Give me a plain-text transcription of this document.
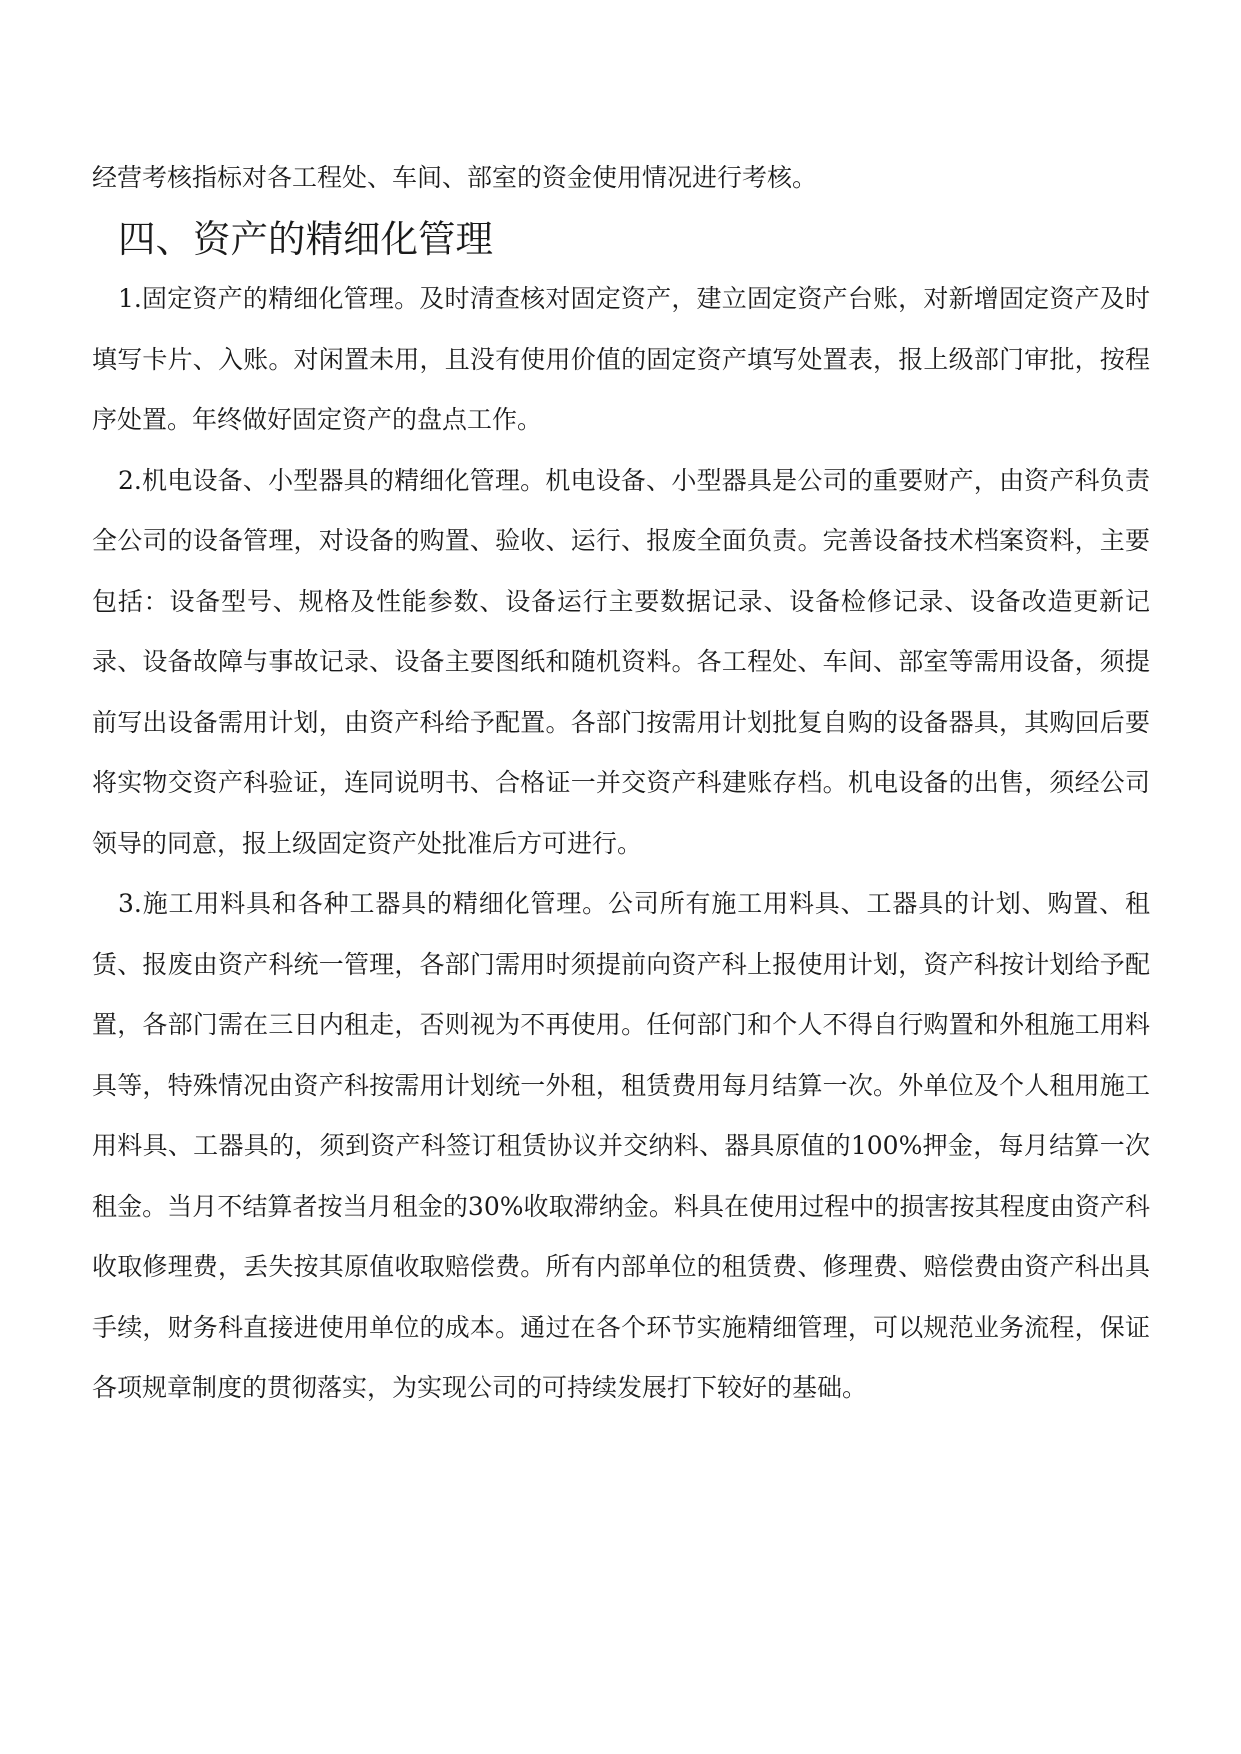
经营考核指标对各工程处、车间、部室的资金使用情况进行考核。

四、资产的精细化管理

1.固定资产的精细化管理。及时清查核对固定资产，建立固定资产台账，对新增固定资产及时填写卡片、入账。对闲置未用，且没有使用价值的固定资产填写处置表，报上级部门审批，按程序处置。年终做好固定资产的盘点工作。

2.机电设备、小型器具的精细化管理。机电设备、小型器具是公司的重要财产，由资产科负责全公司的设备管理，对设备的购置、验收、运行、报废全面负责。完善设备技术档案资料，主要包括：设备型号、规格及性能参数、设备运行主要数据记录、设备检修记录、设备改造更新记录、设备故障与事故记录、设备主要图纸和随机资料。各工程处、车间、部室等需用设备，须提前写出设备需用计划，由资产科给予配置。各部门按需用计划批复自购的设备器具，其购回后要将实物交资产科验证，连同说明书、合格证一并交资产科建账存档。机电设备的出售，须经公司领导的同意，报上级固定资产处批准后方可进行。

3.施工用料具和各种工器具的精细化管理。公司所有施工用料具、工器具的计划、购置、租赁、报废由资产科统一管理，各部门需用时须提前向资产科上报使用计划，资产科按计划给予配置，各部门需在三日内租走，否则视为不再使用。任何部门和个人不得自行购置和外租施工用料具等，特殊情况由资产科按需用计划统一外租，租赁费用每月结算一次。外单位及个人租用施工用料具、工器具的，须到资产科签订租赁协议并交纳料、器具原值的100%押金，每月结算一次租金。当月不结算者按当月租金的30%收取滞纳金。料具在使用过程中的损害按其程度由资产科收取修理费，丢失按其原值收取赔偿费。所有内部单位的租赁费、修理费、赔偿费由资产科出具手续，财务科直接进使用单位的成本。通过在各个环节实施精细管理，可以规范业务流程，保证各项规章制度的贯彻落实，为实现公司的可持续发展打下较好的基础。
